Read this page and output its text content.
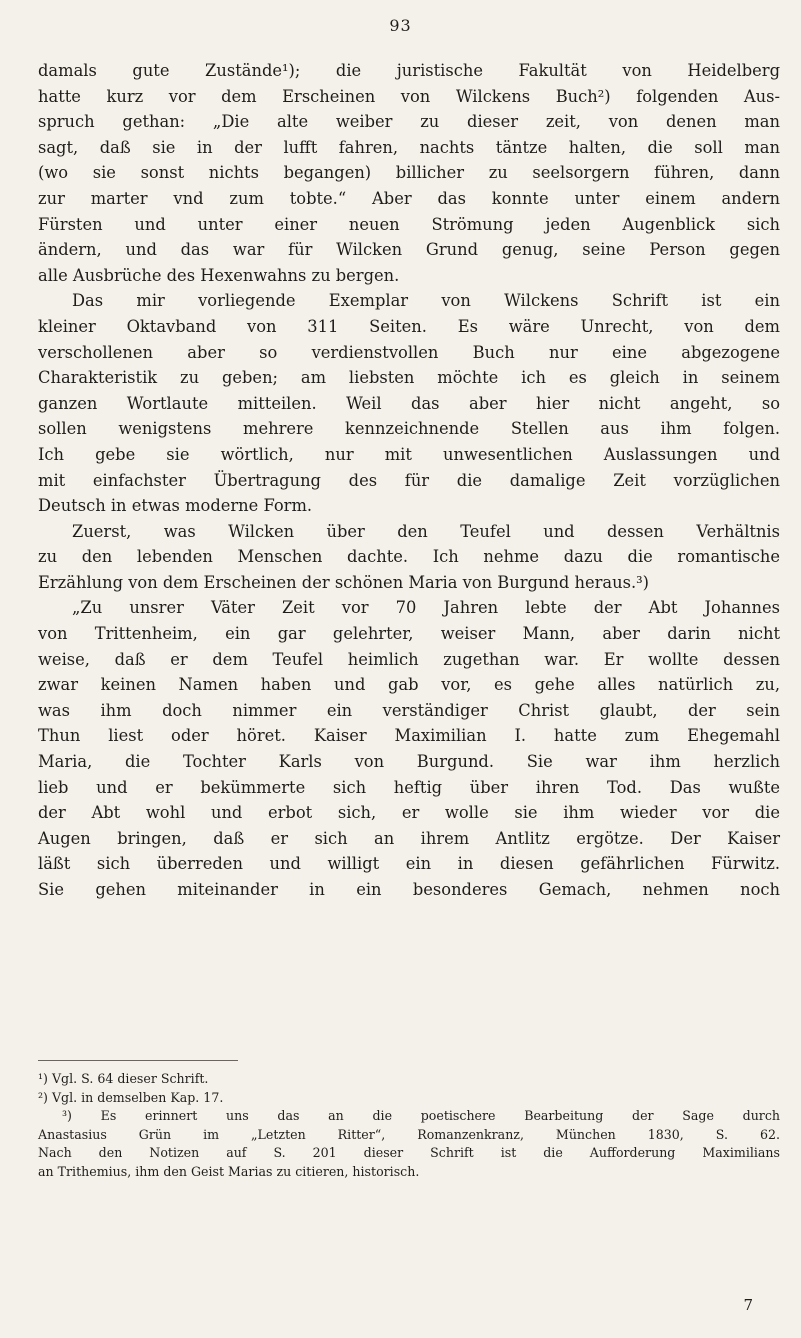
93
damals gute Zustände¹); die juristische Fakultät von Heidelberg
hatte kurz vor dem Erscheinen von Wilckens Buch²) folgenden Aus-
spruch gethan: „Die alte weiber zu dieser zeit, von denen man
sagt, daß sie in der lufft fahren, nachts täntze halten, die soll man
(wo sie sonst nichts begangen) billicher zu seelsorgern führen, dann
zur marter vnd zum tobte.“ Aber das konnte unter einem andern
Fürsten und unter einer neuen Strömung jeden Augenblick sich
ändern, und das war für Wilcken Grund genug, seine Person gegen
alle Ausbrüche des Hexenwahns zu bergen.
Das mir vorliegende Exemplar von Wilckens Schrift ist ein
kleiner Oktavband von 311 Seiten. Es wäre Unrecht, von dem
verschollenen aber so verdienstvollen Buch nur eine abgezogene
Charakteristik zu geben; am liebsten möchte ich es gleich in seinem
ganzen Wortlaute mitteilen. Weil das aber hier nicht angeht, so
sollen wenigstens mehrere kennzeichnende Stellen aus ihm folgen.
Ich gebe sie wörtlich, nur mit unwesentlichen Auslassungen und
mit einfachster Übertragung des für die damalige Zeit vorzüglichen
Deutsch in etwas moderne Form.
Zuerst, was Wilcken über den Teufel und dessen Verhältnis
zu den lebenden Menschen dachte. Ich nehme dazu die romantische
Erzählung von dem Erscheinen der schönen Maria von Burgund heraus.³)
„Zu unsrer Väter Zeit vor 70 Jahren lebte der Abt Johannes
von Trittenheim, ein gar gelehrter, weiser Mann, aber darin nicht
weise, daß er dem Teufel heimlich zugethan war. Er wollte dessen
zwar keinen Namen haben und gab vor, es gehe alles natürlich zu,
was ihm doch nimmer ein verständiger Christ glaubt, der sein
Thun liest oder höret. Kaiser Maximilian I. hatte zum Ehegemahl
Maria, die Tochter Karls von Burgund. Sie war ihm herzlich
lieb und er bekümmerte sich heftig über ihren Tod. Das wußte
der Abt wohl und erbot sich, er wolle sie ihm wieder vor die
Augen bringen, daß er sich an ihrem Antlitz ergötze. Der Kaiser
läßt sich überreden und willigt ein in diesen gefährlichen Fürwitz.
Sie gehen miteinander in ein besonderes Gemach, nehmen noch
¹) Vgl. S. 64 dieser Schrift.
²) Vgl. in demselben Kap. 17.
³) Es erinnert uns das an die poetischere Bearbeitung der Sage durch
Anastasius Grün im „Letzten Ritter“, Romanzenkranz, München 1830, S. 62.
Nach den Notizen auf S. 201 dieser Schrift ist die Aufforderung Maximilians
an Trithemius, ihm den Geist Marias zu citieren, historisch.
7
